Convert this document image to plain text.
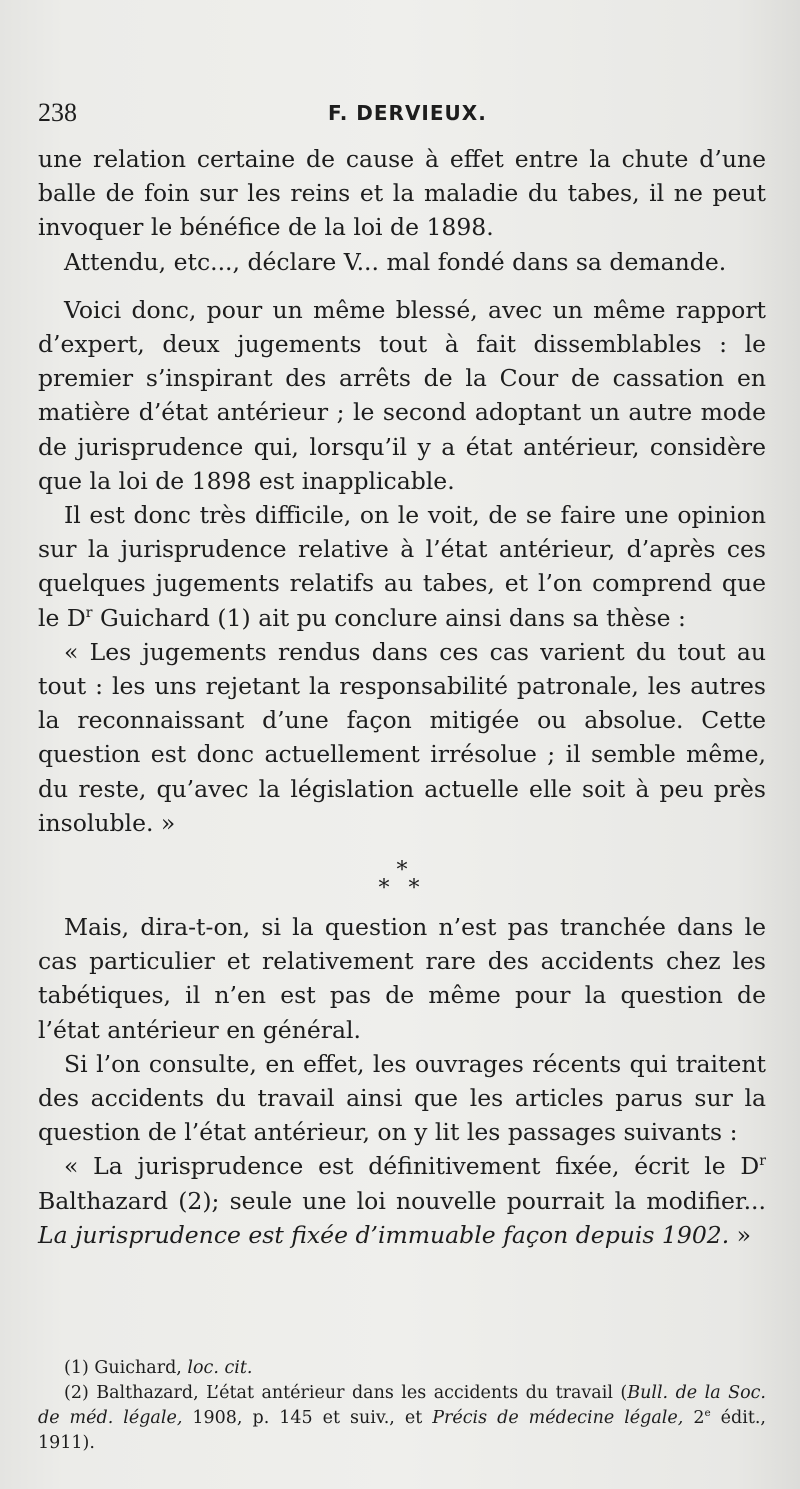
238	F. DERVIEUX.

une relation certaine de cause à effet entre la chute d’une balle de foin sur les reins et la maladie du tabes, il ne peut invoquer le bénéfice de la loi de 1898.

Attendu, etc..., déclare V... mal fondé dans sa demande.

Voici donc, pour un même blessé, avec un même rapport d’expert, deux jugements tout à fait dissemblables : le premier s’inspirant des arrêts de la Cour de cassation en matière d’état antérieur ; le second adoptant un autre mode de jurisprudence qui, lorsqu’il y a état antérieur, considère que la loi de 1898 est inapplicable.

Il est donc très difficile, on le voit, de se faire une opinion sur la jurisprudence relative à l’état antérieur, d’après ces quelques jugements relatifs au tabes, et l’on comprend que le $D^r$ Guichard (1) ait pu conclure ainsi dans sa thèse :

« Les jugements rendus dans ces cas varient du tout au tout : les uns rejetant la responsabilité patronale, les autres la reconnaissant d’une façon mitigée ou absolue. Cette question est donc actuellement irrésolue ; il semble même, du reste, qu’avec la législation actuelle elle soit à peu près insoluble. »

*
* *

Mais, dira-t-on, si la question n’est pas tranchée dans le cas particulier et relativement rare des accidents chez les tabétiques, il n’en est pas de même pour la question de l’état antérieur en général.

Si l’on consulte, en effet, les ouvrages récents qui traitent des accidents du travail ainsi que les articles parus sur la question de l’état antérieur, on y lit les passages suivants :

« La jurisprudence est définitivement fixée, écrit le $D^r$ Balthazard (2); seule une loi nouvelle pourrait la modifier... La jurisprudence est fixée d’immuable façon depuis 1902. »

(1) Guichard, loc. cit.

(2) Balthazard, L’état antérieur dans les accidents du travail (Bull. de la Soc. de méd. légale, 1908, p. 145 et suiv., et Précis de médecine légale, 2e édit., 1911).
